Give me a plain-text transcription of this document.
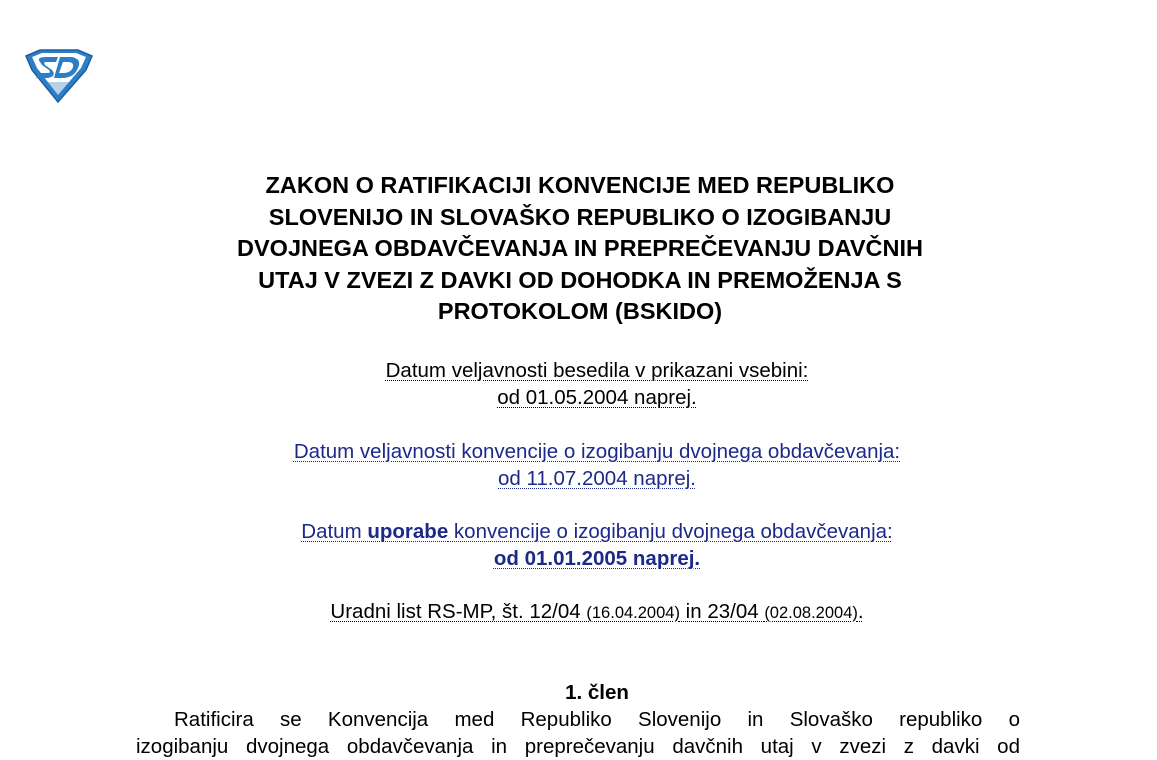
ZAKON O RATIFIKACIJI KONVENCIJE MED REPUBLIKO
SLOVENIJO IN SLOVAŠKO REPUBLIKO O IZOGIBANJU
DVOJNEGA OBDAVČEVANJA IN PREPREČEVANJU DAVČNIH
UTAJ V ZVEZI Z DAVKI OD DOHODKA IN PREMOŽENJA S
PROTOKOLOM (BSKIDO)
Datum veljavnosti besedila v prikazani vsebini:
od 01.05.2004 naprej.
Datum veljavnosti konvencije o izogibanju dvojnega obdavčevanja:
od 11.07.2004 naprej.
Datum uporabe konvencije o izogibanju dvojnega obdavčevanja:
od 01.01.2005 naprej.
Uradni list RS-MP, št. 12/04 (16.04.2004) in 23/04 (02.08.2004).
1. člen
Ratificira se Konvencija med Republiko Slovenijo in Slovaško republiko o
izogibanju dvojnega obdavčevanja in preprečevanju davčnih utaj v zvezi z davki od
